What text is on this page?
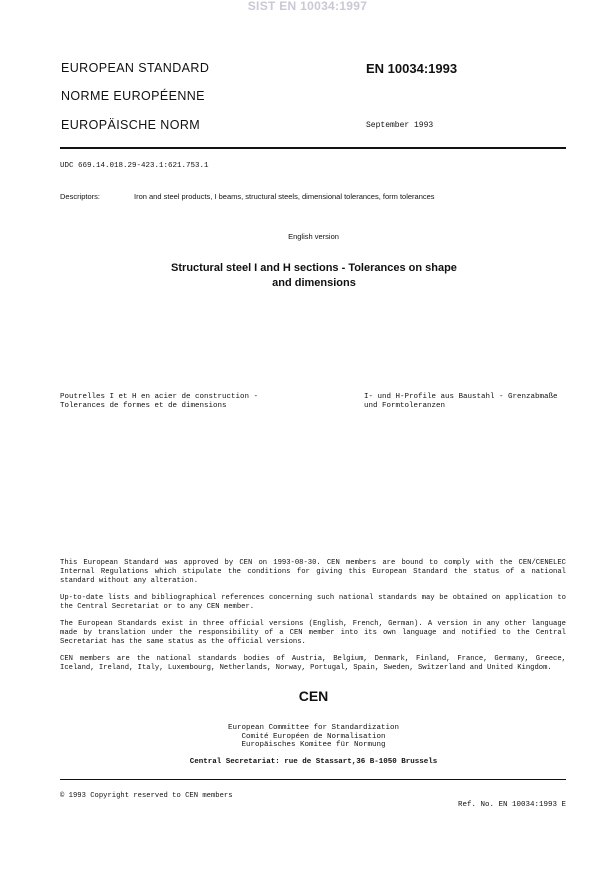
SIST EN 10034:1997
EUROPEAN STANDARD
NORME EUROPÉENNE
EUROPÄISCHE NORM
EN 10034:1993
September 1993
UDC 669.14.018.29-423.1:621.753.1
Descriptors:	Iron and steel products, I beams, structural steels, dimensional tolerances, form tolerances
English version
Structural steel I and H sections - Tolerances on shape and dimensions
Poutrelles I et H en acier de construction - Tolerances de formes et de dimensions
I- und H-Profile aus Baustahl - Grenzabmaße und Formtoleranzen

This European Standard was approved by CEN on 1993-08-30. CEN members are bound to comply with the CEN/CENELEC Internal Regulations which stipulate the conditions for giving this European Standard the status of a national standard without any alteration.

Up-to-date lists and bibliographical references concerning such national standards may be obtained on application to the Central Secretariat or to any CEN member.

The European Standards exist in three official versions (English, French, German). A version in any other language made by translation under the responsibility of a CEN member into its own language and notified to the Central Secretariat has the same status as the official versions.

CEN members are the national standards bodies of Austria, Belgium, Denmark, Finland, France, Germany, Greece, Iceland, Ireland, Italy, Luxembourg, Netherlands, Norway, Portugal, Spain, Sweden, Switzerland and United Kingdom.

CEN
European Committee for Standardization
Comité Européen de Normalisation
Europäisches Komitee für Normung
Central Secretariat: rue de Stassart,36 B-1050 Brussels
© 1993 Copyright reserved to CEN members
Ref. No. EN 10034:1993 E
